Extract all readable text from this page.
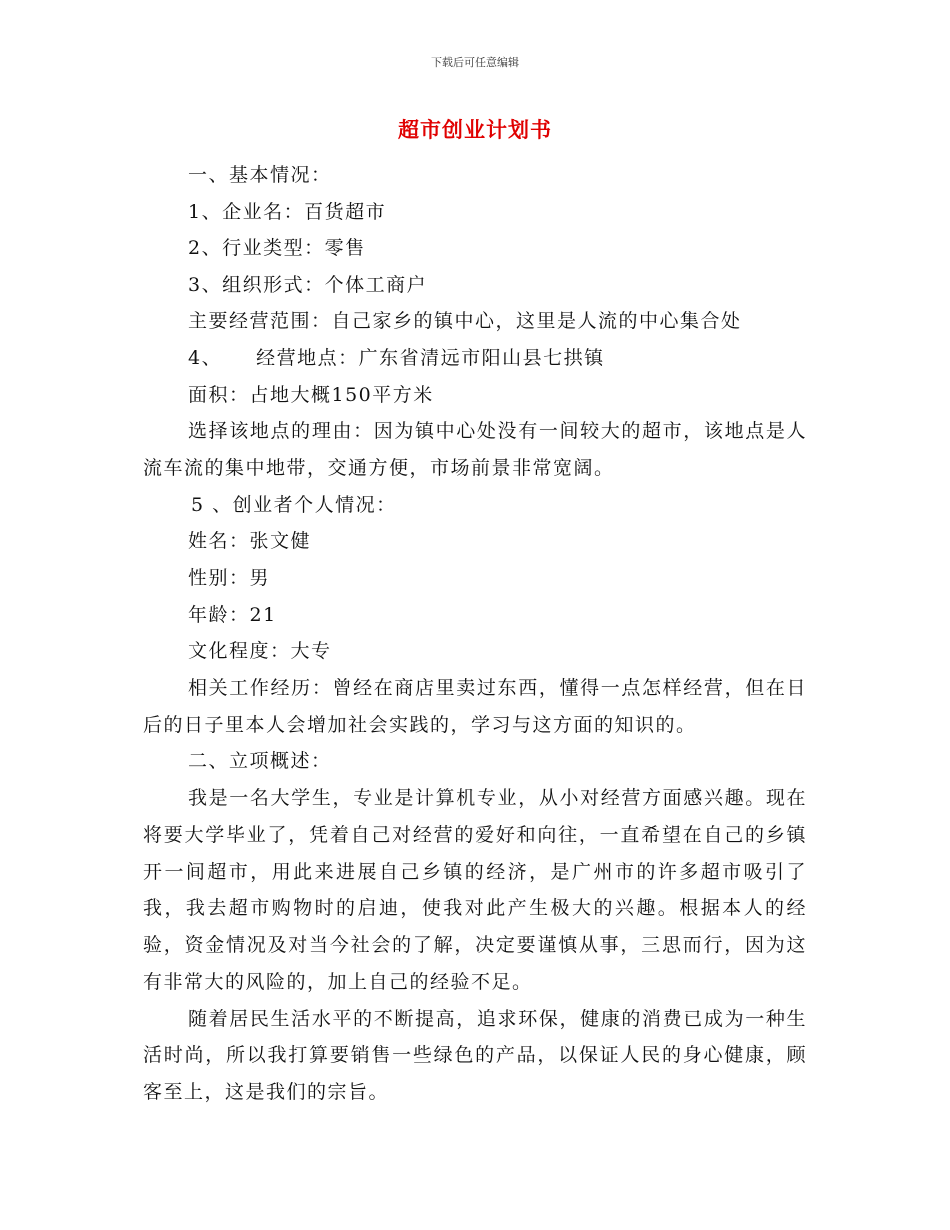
下载后可任意编辑
超市创业计划书
一、基本情况：
1、企业名：百货超市
2、行业类型：零售
3、组织形式：个体工商户
主要经营范围：自己家乡的镇中心，这里是人流的中心集合处
4、 经营地点：广东省清远市阳山县七拱镇
面积：占地大概150平方米
选择该地点的理由：因为镇中心处没有一间较大的超市，该地点是人流车流的集中地带，交通方便，市场前景非常宽阔。
5 、创业者个人情况：
姓名：张文健
性别：男
年龄：21
文化程度：大专
相关工作经历：曾经在商店里卖过东西，懂得一点怎样经营，但在日后的日子里本人会增加社会实践的，学习与这方面的知识的。
二、立项概述：
我是一名大学生，专业是计算机专业，从小对经营方面感兴趣。现在将要大学毕业了，凭着自己对经营的爱好和向往，一直希望在自己的乡镇开一间超市，用此来进展自己乡镇的经济，是广州市的许多超市吸引了我，我去超市购物时的启迪，使我对此产生极大的兴趣。根据本人的经验，资金情况及对当今社会的了解，决定要谨慎从事，三思而行，因为这有非常大的风险的，加上自己的经验不足。
随着居民生活水平的不断提高，追求环保，健康的消费已成为一种生活时尚，所以我打算要销售一些绿色的产品，以保证人民的身心健康，顾客至上，这是我们的宗旨。
